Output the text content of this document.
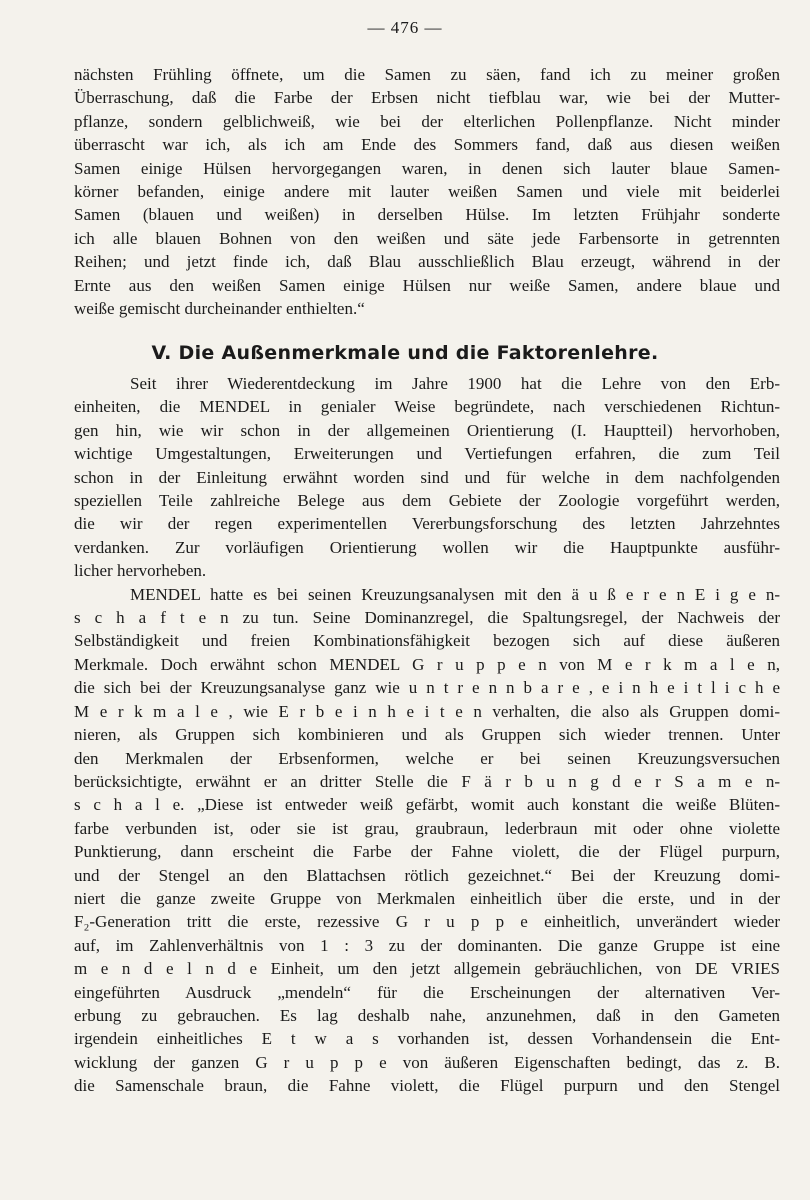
— 476 —
nächsten Frühling öffnete, um die Samen zu säen, fand ich zu meiner großen
Überraschung, daß die Farbe der Erbsen nicht tiefblau war, wie bei der Mutter-
pflanze, sondern gelblichweiß, wie bei der elterlichen Pollenpflanze. Nicht minder
überrascht war ich, als ich am Ende des Sommers fand, daß aus diesen weißen
Samen einige Hülsen hervorgegangen waren, in denen sich lauter blaue Samen-
körner befanden, einige andere mit lauter weißen Samen und viele mit beiderlei
Samen (blauen und weißen) in derselben Hülse. Im letzten Frühjahr sonderte
ich alle blauen Bohnen von den weißen und säte jede Farbensorte in getrennten
Reihen; und jetzt finde ich, daß Blau ausschließlich Blau erzeugt, während in der
Ernte aus den weißen Samen einige Hülsen nur weiße Samen, andere blaue und
weiße gemischt durcheinander enthielten.“
V. Die Außenmerkmale und die Faktorenlehre.
Seit ihrer Wiederentdeckung im Jahre 1900 hat die Lehre von den Erb-
einheiten, die MENDEL in genialer Weise begründete, nach verschiedenen Richtun-
gen hin, wie wir schon in der allgemeinen Orientierung (I. Hauptteil) hervorhoben,
wichtige Umgestaltungen, Erweiterungen und Vertiefungen erfahren, die zum Teil
schon in der Einleitung erwähnt worden sind und für welche in dem nachfolgenden
speziellen Teile zahlreiche Belege aus dem Gebiete der Zoologie vorgeführt werden,
die wir der regen experimentellen Vererbungsforschung des letzten Jahrzehntes
verdanken. Zur vorläufigen Orientierung wollen wir die Hauptpunkte ausführ-
licher hervorheben.
MENDEL hatte es bei seinen Kreuzungsanalysen mit den ä u ß e r e n E i g e n-
s c h a f t e n zu tun. Seine Dominanzregel, die Spaltungsregel, der Nachweis der
Selbständigkeit und freien Kombinationsfähigkeit bezogen sich auf diese äußeren
Merkmale. Doch erwähnt schon MENDEL G r u p p e n von M e r k m a l e n,
die sich bei der Kreuzungsanalyse ganz wie u n t r e n n b a r e , e i n h e i t l i c h e
M e r k m a l e , wie E r b e i n h e i t e n verhalten, die also als Gruppen domi-
nieren, als Gruppen sich kombinieren und als Gruppen sich wieder trennen. Unter
den Merkmalen der Erbsenformen, welche er bei seinen Kreuzungsversuchen
berücksichtigte, erwähnt er an dritter Stelle die F ä r b u n g d e r S a m e n-
s c h a l e. „Diese ist entweder weiß gefärbt, womit auch konstant die weiße Blüten-
farbe verbunden ist, oder sie ist grau, graubraun, lederbraun mit oder ohne violette
Punktierung, dann erscheint die Farbe der Fahne violett, die der Flügel purpurn,
und der Stengel an den Blattachsen rötlich gezeichnet.“ Bei der Kreuzung domi-
niert die ganze zweite Gruppe von Merkmalen einheitlich über die erste, und in der
F₂-Generation tritt die erste, rezessive G r u p p e einheitlich, unverändert wieder
auf, im Zahlenverhältnis von 1 : 3 zu der dominanten. Die ganze Gruppe ist eine
m e n d e l n d e Einheit, um den jetzt allgemein gebräuchlichen, von DE VRIES
eingeführten Ausdruck „mendeln“ für die Erscheinungen der alternativen Ver-
erbung zu gebrauchen. Es lag deshalb nahe, anzunehmen, daß in den Gameten
irgendein einheitliches E t w a s vorhanden ist, dessen Vorhandensein die Ent-
wicklung der ganzen G r u p p e von äußeren Eigenschaften bedingt, das z. B.
die Samenschale braun, die Fahne violett, die Flügel purpurn und den Stengel
